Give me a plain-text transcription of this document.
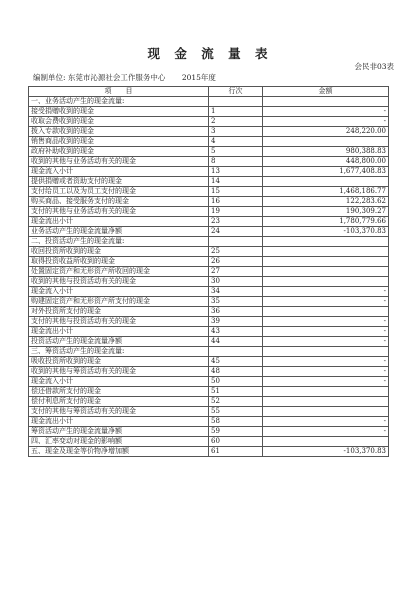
现 金 流 量 表
会民非03表
编制单位: 东莞市沁源社会工作服务中心 2015年度
项　　目	行次	金额
一、业务活动产生的现金流量:		
接受捐赠收到的现金	1	-
收取会费收到的现金	2	-
拨入专款收到的现金	3	248,220.00
销售商品收到的现金	4	
政府补助收到的现金	5	980,388.83
收到的其他与业务活动有关的现金	8	448,800.00
现金流入小计	13	1,677,408.83
提供捐赠或者资助支付的现金	14	
支付给员工以及为员工支付的现金	15	1,468,186.77
购买商品、接受服务支付的现金	16	122,283.62
支付的其他与业务活动有关的现金	19	190,309.27
现金流出小计	23	1,780,779.66
业务活动产生的现金流量净额	24	-103,370.83
二、投资活动产生的现金流量:		
收回投资所收到的现金	25	
取得投资收益所收到的现金	26	
处置固定资产和无形资产所收回的现金	27	
收到的其他与投资活动有关的现金	30	
现金流入小计	34	-
购建固定资产和无形资产所支付的现金	35	-
对外投资所支付的现金	36	
支付的其他与投资活动有关的现金	39	-
现金流出小计	43	-
投资活动产生的现金流量净额	44	-
三、筹资活动产生的现金流量:		
吸收投资所收到的现金	45	-
收到的其他与筹资活动有关的现金	48	-
现金流入小计	50	-
偿还借款所支付的现金	51	
偿付利息所支付的现金	52	
支付的其他与筹资活动有关的现金	55	
现金流出小计	58	-
筹资活动产生的现金流量净额	59	-
四、汇率变动对现金的影响额	60	
五、现金及现金等价物净增加额	61	-103,370.83
